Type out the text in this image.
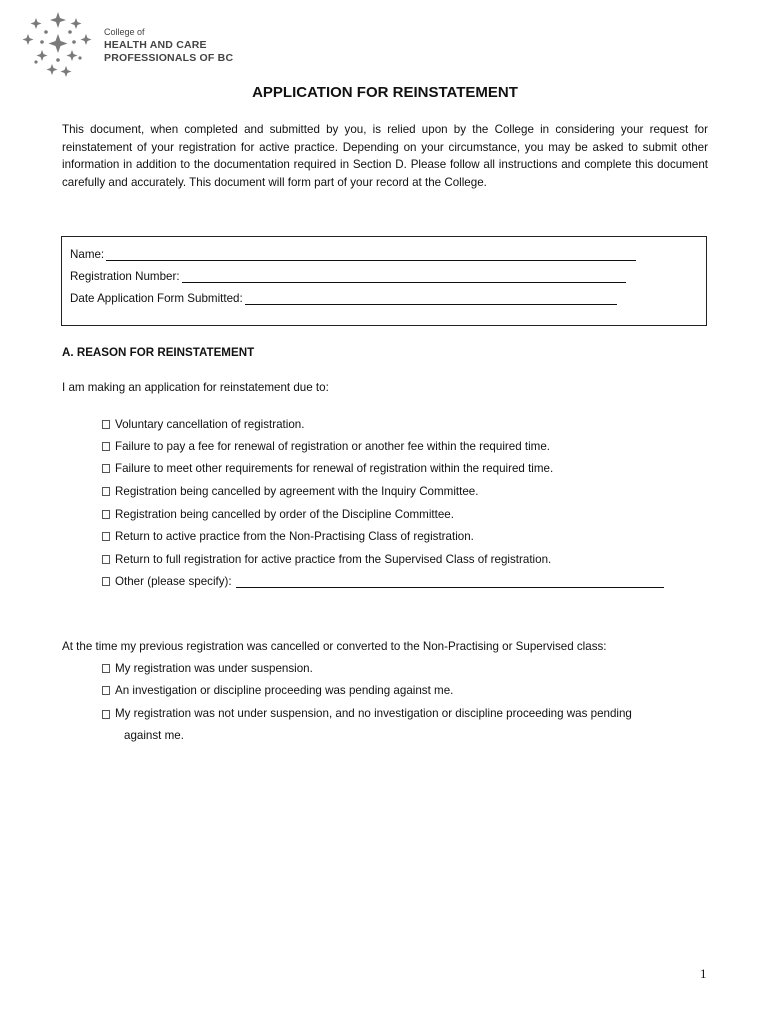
College of
HEALTH AND CARE
PROFESSIONALS OF BC
APPLICATION FOR REINSTATEMENT

This document, when completed and submitted by you, is relied upon by the College in considering your request for reinstatement of your registration for active practice. Depending on your circumstance, you may be asked to submit other information in addition to the documentation required in Section D. Please follow all instructions and complete this document carefully and accurately. This document will form part of your record at the College.

Name:
Registration Number:
Date Application Form Submitted:
A. REASON FOR REINSTATEMENT
I am making an application for reinstatement due to:
Voluntary cancellation of registration.
Failure to pay a fee for renewal of registration or another fee within the required time.
Failure to meet other requirements for renewal of registration within the required time.
Registration being cancelled by agreement with the Inquiry Committee.
Registration being cancelled by order of the Discipline Committee.
Return to active practice from the Non-Practising Class of registration.
Return to full registration for active practice from the Supervised Class of registration.
Other (please specify):
At the time my previous registration was cancelled or converted to the Non-Practising or Supervised class:
My registration was under suspension.
An investigation or discipline proceeding was pending against me.
My registration was not under suspension, and no investigation or discipline proceeding was pending
against me.
1
